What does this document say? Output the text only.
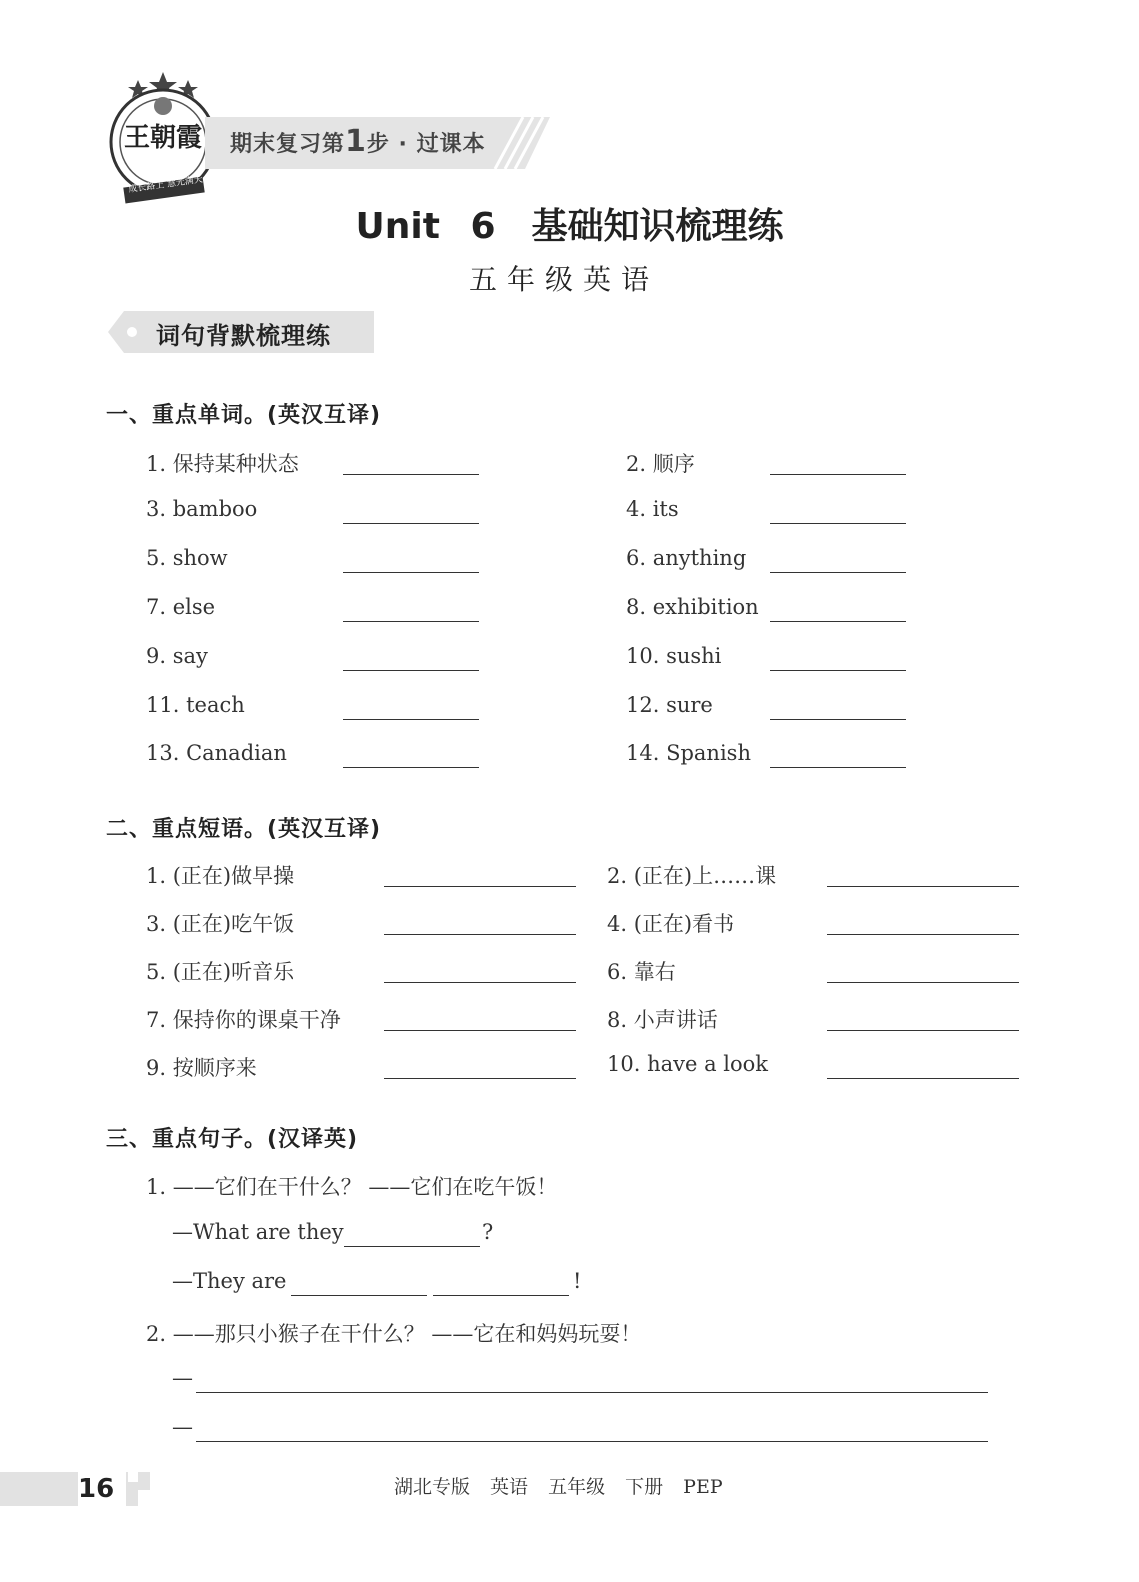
王朝霞
成长路上 慧光满天
期末复习第1步 · 过课本
Unit 6　基础知识梳理练
五年级英语
词句背默梳理练
一、重点单词。(英汉互译)
1. 保持某种状态	2. 顺序
3. bamboo	4. its
5. show	6. anything
7. else	8. exhibition
9. say	10. sushi
11. teach	12. sure
13. Canadian	14. Spanish
二、重点短语。(英汉互译)
1. (正在)做早操	2. (正在)上……课
3. (正在)吃午饭	4. (正在)看书
5. (正在)听音乐	6. 靠右
7. 保持你的课桌干净	8. 小声讲话
9. 按顺序来	10. have a look
三、重点句子。(汉译英)
1. ——它们在干什么？ ——它们在吃午饭！
—What are they	?
—They are	!
2. ——那只小猴子在干什么？ ——它在和妈妈玩耍！
—
—
16	湖北专版 英语 五年级 下册 PEP
